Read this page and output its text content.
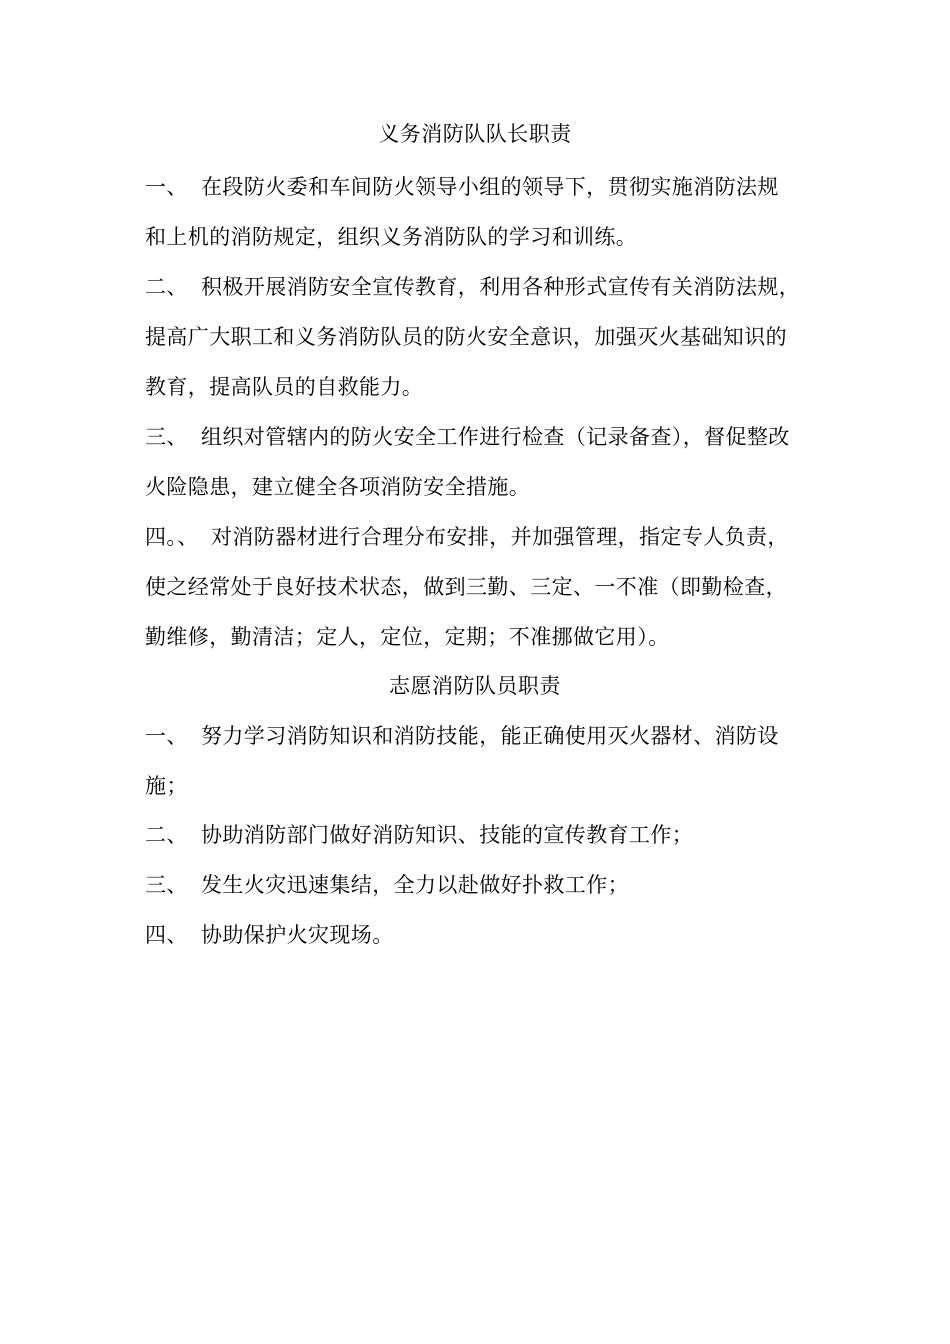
义务消防队队长职责
一、 在段防火委和车间防火领导小组的领导下，贯彻实施消防法规
和上机的消防规定，组织义务消防队的学习和训练。
二、 积极开展消防安全宣传教育，利用各种形式宣传有关消防法规，
提高广大职工和义务消防队员的防火安全意识，加强灭火基础知识的
教育，提高队员的自救能力。
三、 组织对管辖内的防火安全工作进行检查（记录备查），督促整改
火险隐患，建立健全各项消防安全措施。
四。、 对消防器材进行合理分布安排，并加强管理，指定专人负责，
使之经常处于良好技术状态，做到三勤、三定、一不准（即勤检查，
勤维修，勤清洁；定人，定位，定期；不准挪做它用）。
志愿消防队员职责
一、 努力学习消防知识和消防技能，能正确使用灭火器材、消防设
施；
二、 协助消防部门做好消防知识、技能的宣传教育工作；
三、 发生火灾迅速集结，全力以赴做好扑救工作；
四、 协助保护火灾现场。
